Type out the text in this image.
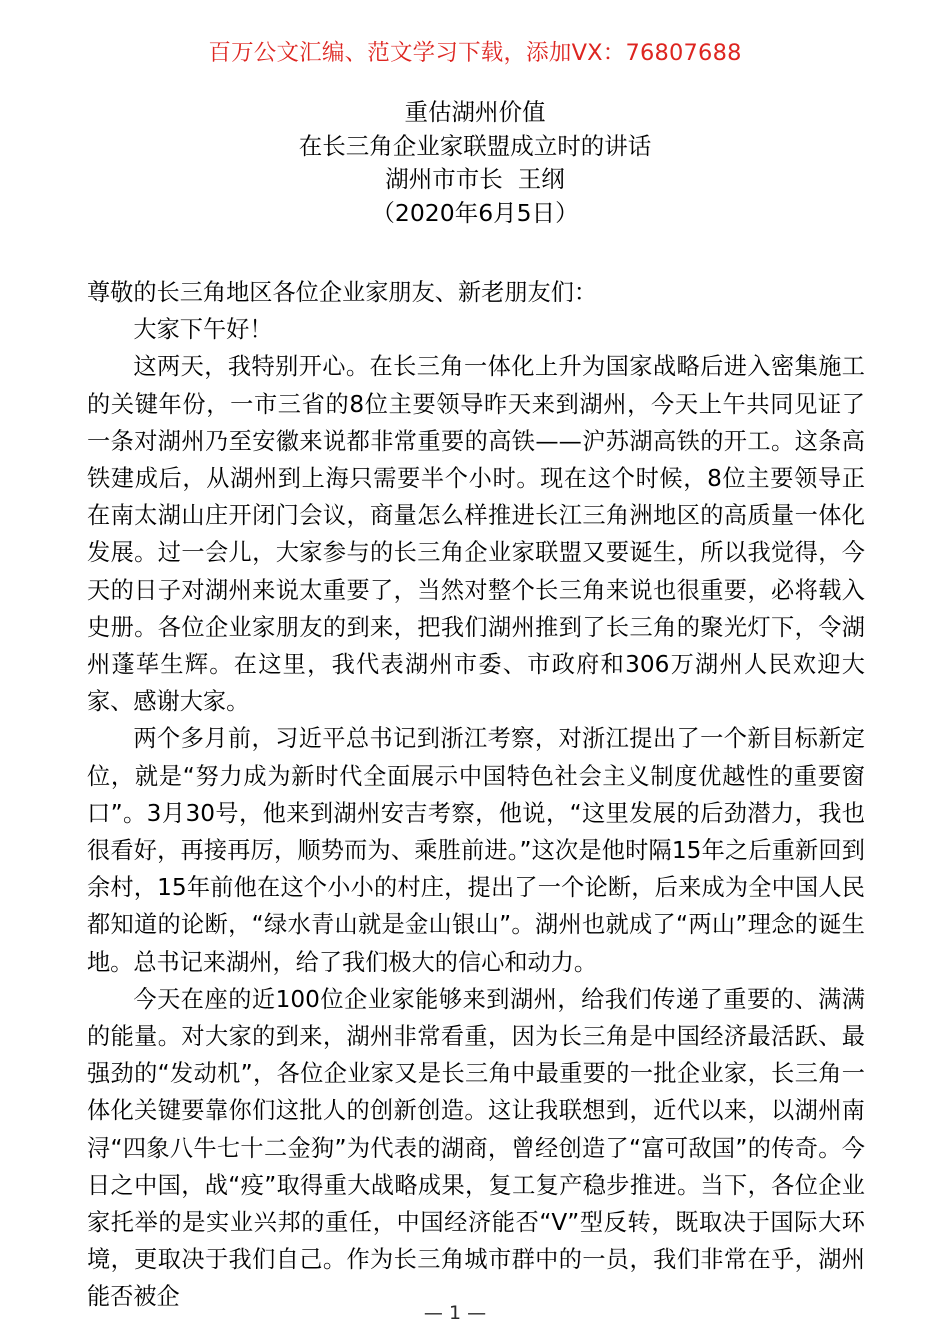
百万公文汇编、范文学习下载，添加VX：76807688
重估湖州价值
在长三角企业家联盟成立时的讲话
湖州市市长  王纲
（2020年6月5日）

尊敬的长三角地区各位企业家朋友、新老朋友们：

大家下午好！

这两天，我特别开心。在长三角一体化上升为国家战略后进入密集施工的关键年份，一市三省的8位主要领导昨天来到湖州，今天上午共同见证了一条对湖州乃至安徽来说都非常重要的高铁——沪苏湖高铁的开工。这条高铁建成后，从湖州到上海只需要半个小时。现在这个时候，8位主要领导正在南太湖山庄开闭门会议，商量怎么样推进长江三角洲地区的高质量一体化发展。过一会儿，大家参与的长三角企业家联盟又要诞生，所以我觉得，今天的日子对湖州来说太重要了，当然对整个长三角来说也很重要，必将载入史册。各位企业家朋友的到来，把我们湖州推到了长三角的聚光灯下，令湖州蓬荜生辉。在这里，我代表湖州市委、市政府和306万湖州人民欢迎大家、感谢大家。

两个多月前，习近平总书记到浙江考察，对浙江提出了一个新目标新定位，就是“努力成为新时代全面展示中国特色社会主义制度优越性的重要窗口”。3月30号，他来到湖州安吉考察，他说，“这里发展的后劲潜力，我也很看好，再接再厉，顺势而为、乘胜前进。”这次是他时隔15年之后重新回到余村，15年前他在这个小小的村庄，提出了一个论断，后来成为全中国人民都知道的论断，“绿水青山就是金山银山”。湖州也就成了“两山”理念的诞生地。总书记来湖州，给了我们极大的信心和动力。

今天在座的近100位企业家能够来到湖州，给我们传递了重要的、满满的能量。对大家的到来，湖州非常看重，因为长三角是中国经济最活跃、最强劲的“发动机”，各位企业家又是长三角中最重要的一批企业家，长三角一体化关键要靠你们这批人的创新创造。这让我联想到，近代以来，以湖州南浔“四象八牛七十二金狗”为代表的湖商，曾经创造了“富可敌国”的传奇。今日之中国，战“疫”取得重大战略成果，复工复产稳步推进。当下，各位企业家托举的是实业兴邦的重任，中国经济能否“V”型反转，既取决于国际大环境，更取决于我们自己。作为长三角城市群中的一员，我们非常在乎，湖州能否被企

— 1 —
